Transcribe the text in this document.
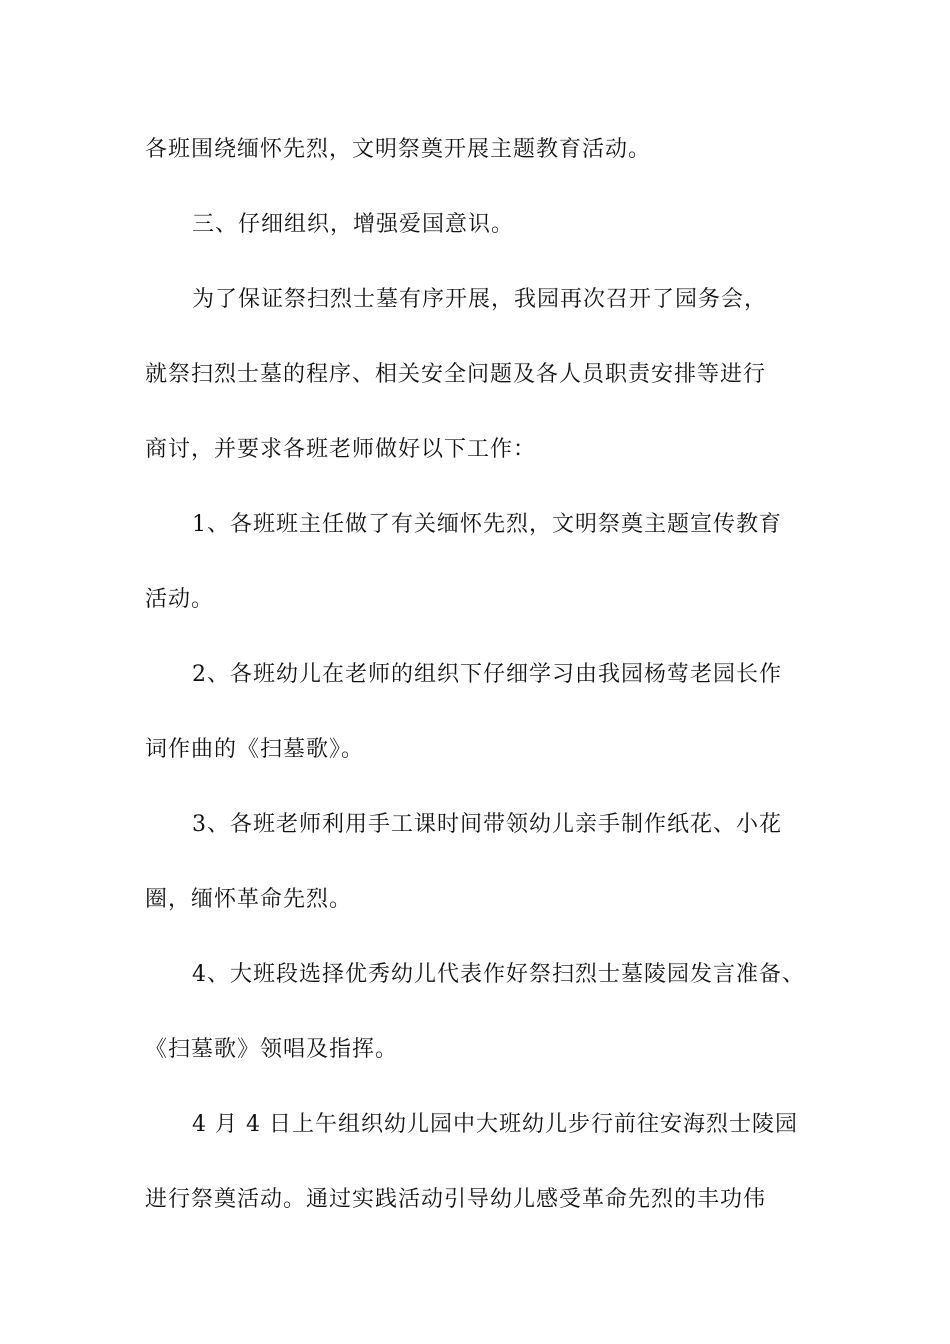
各班围绕缅怀先烈，文明祭奠开展主题教育活动。
三、仔细组织，增强爱国意识。
为了保证祭扫烈士墓有序开展，我园再次召开了园务会，
就祭扫烈士墓的程序、相关安全问题及各人员职责安排等进行
商讨，并要求各班老师做好以下工作：
1、各班班主任做了有关缅怀先烈，文明祭奠主题宣传教育
活动。
2、各班幼儿在老师的组织下仔细学习由我园杨莺老园长作
词作曲的《扫墓歌》。
3、各班老师利用手工课时间带领幼儿亲手制作纸花、小花
圈，缅怀革命先烈。
4、大班段选择优秀幼儿代表作好祭扫烈士墓陵园发言准备、
《扫墓歌》领唱及指挥。
4 月 4 日上午组织幼儿园中大班幼儿步行前往安海烈士陵园
进行祭奠活动。通过实践活动引导幼儿感受革命先烈的丰功伟
